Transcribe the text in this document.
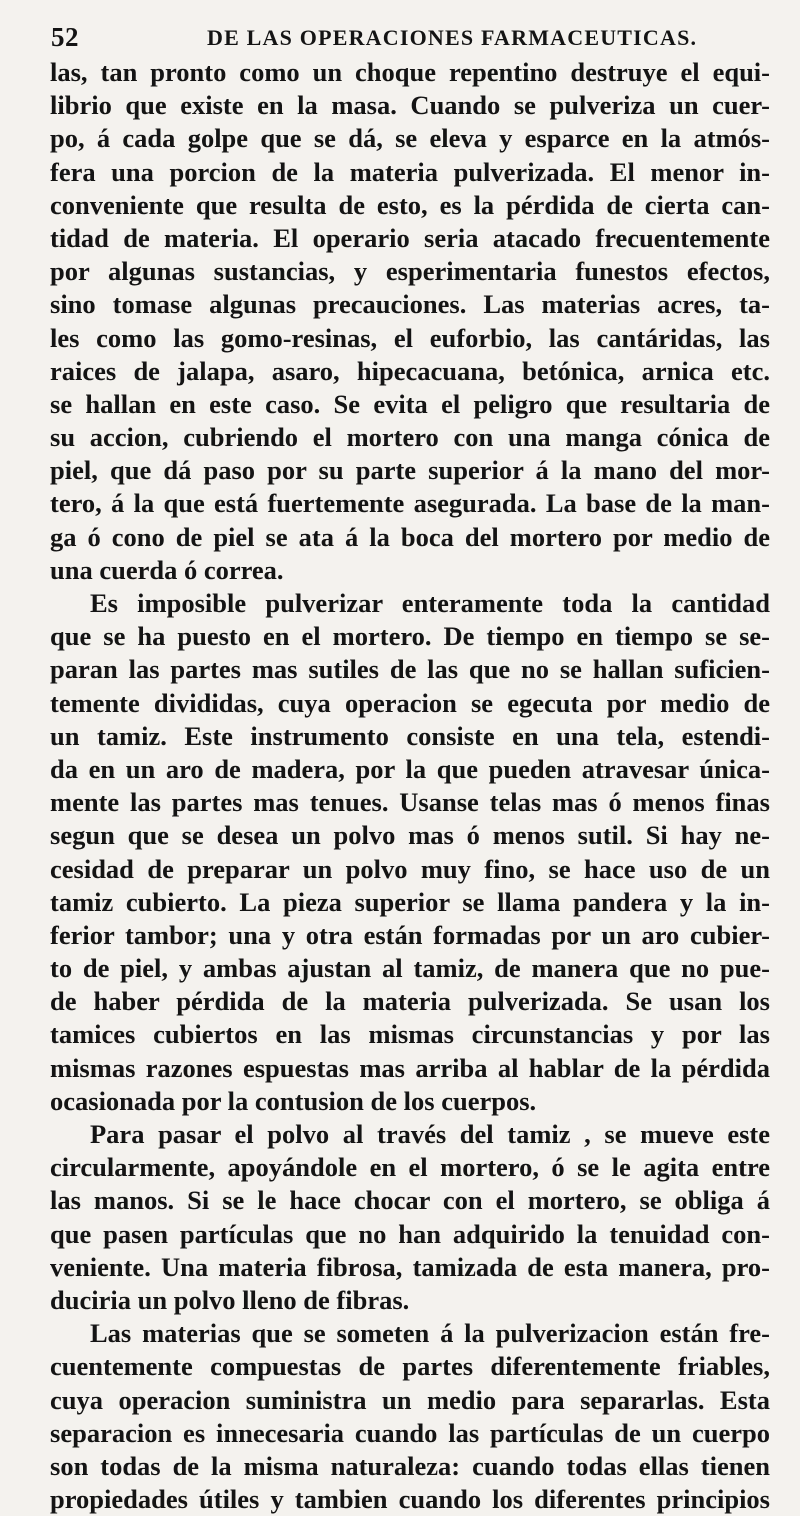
52	DE LAS OPERACIONES FARMACEUTICAS.
las, tan pronto como un choque repentino destruye el equi-
librio que existe en la masa. Cuando se pulveriza un cuer-
po, á cada golpe que se dá, se eleva y esparce en la atmós-
fera una porcion de la materia pulverizada. El menor in-
conveniente que resulta de esto, es la pérdida de cierta can-
tidad de materia. El operario seria atacado frecuentemente
por algunas sustancias, y esperimentaria funestos efectos,
sino tomase algunas precauciones. Las materias acres, ta-
les como las gomo-resinas, el euforbio, las cantáridas, las
raices de jalapa, asaro, hipecacuana, betónica, arnica etc.
se hallan en este caso. Se evita el peligro que resultaria de
su accion, cubriendo el mortero con una manga cónica de
piel, que dá paso por su parte superior á la mano del mor-
tero, á la que está fuertemente asegurada. La base de la man-
ga ó cono de piel se ata á la boca del mortero por medio de
una cuerda ó correa.
Es imposible pulverizar enteramente toda la cantidad
que se ha puesto en el mortero. De tiempo en tiempo se se-
paran las partes mas sutiles de las que no se hallan suficien-
temente divididas, cuya operacion se egecuta por medio de
un tamiz. Este instrumento consiste en una tela, estendi-
da en un aro de madera, por la que pueden atravesar única-
mente las partes mas tenues. Usanse telas mas ó menos finas
segun que se desea un polvo mas ó menos sutil. Si hay ne-
cesidad de preparar un polvo muy fino, se hace uso de un
tamiz cubierto. La pieza superior se llama pandera y la in-
ferior tambor; una y otra están formadas por un aro cubier-
to de piel, y ambas ajustan al tamiz, de manera que no pue-
de haber pérdida de la materia pulverizada. Se usan los
tamices cubiertos en las mismas circunstancias y por las
mismas razones espuestas mas arriba al hablar de la pérdida
ocasionada por la contusion de los cuerpos.
Para pasar el polvo al través del tamiz , se mueve este
circularmente, apoyándole en el mortero, ó se le agita entre
las manos. Si se le hace chocar con el mortero, se obliga á
que pasen partículas que no han adquirido la tenuidad con-
veniente. Una materia fibrosa, tamizada de esta manera, pro-
duciria un polvo lleno de fibras.
Las materias que se someten á la pulverizacion están fre-
cuentemente compuestas de partes diferentemente friables,
cuya operacion suministra un medio para separarlas. Esta
separacion es innecesaria cuando las partículas de un cuerpo
son todas de la misma naturaleza: cuando todas ellas tienen
propiedades útiles y tambien cuando los diferentes principios
